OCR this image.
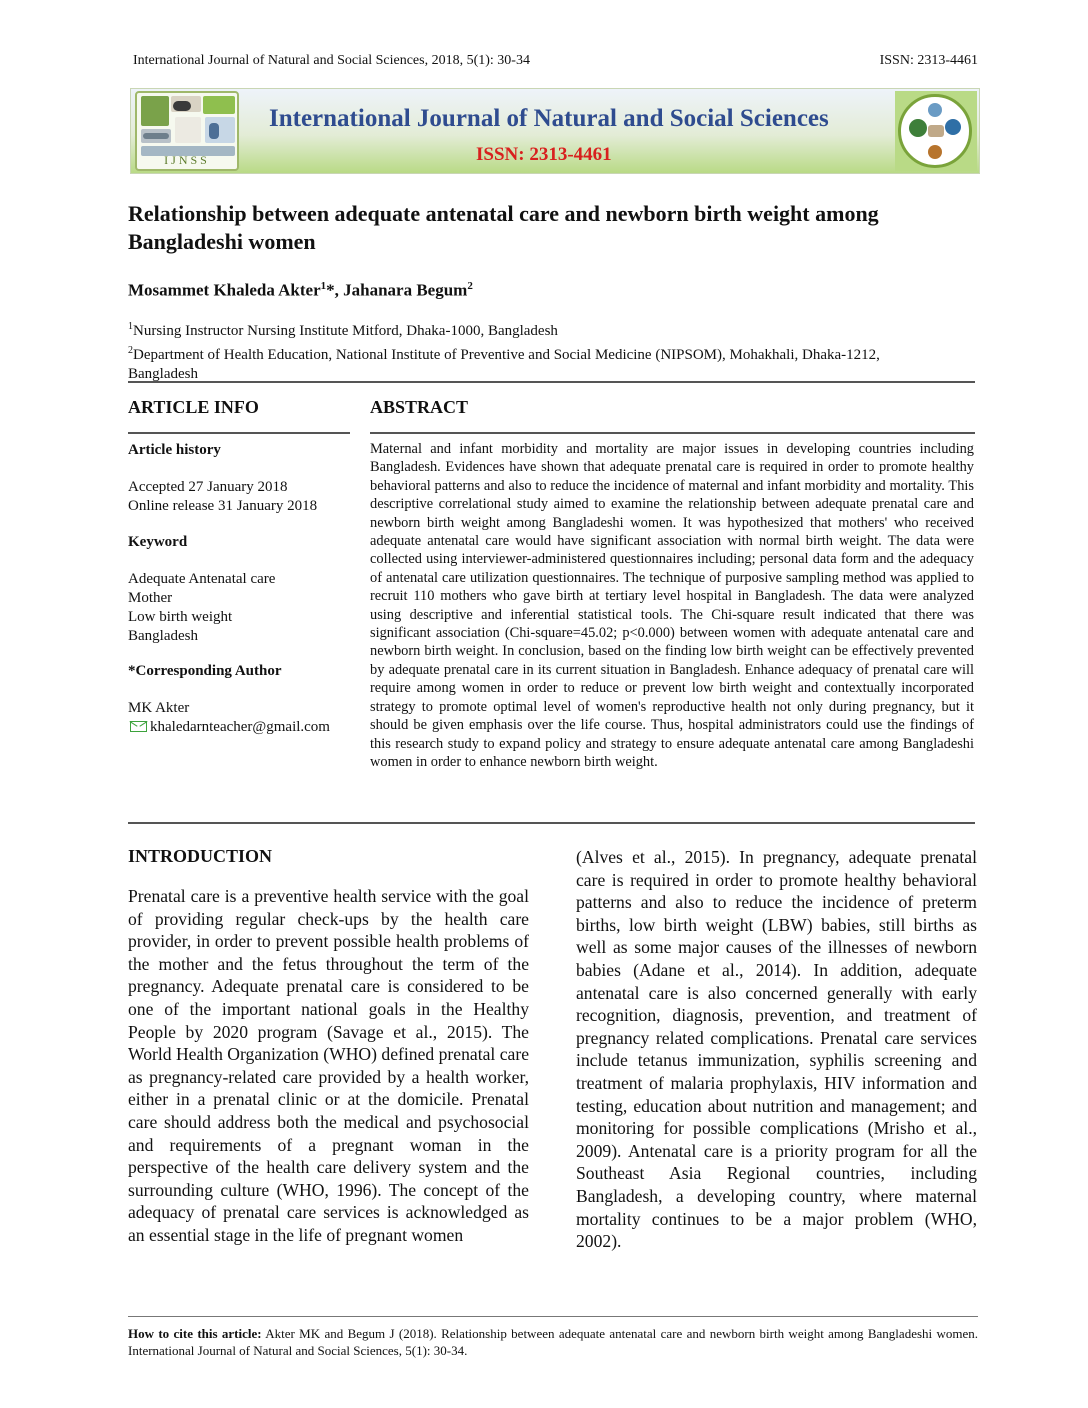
International Journal of Natural and Social Sciences, 2018, 5(1): 30-34	ISSN: 2313-4461
IJNSS
International Journal of Natural and Social Sciences
ISSN: 2313-4461
Relationship between adequate antenatal care and newborn birth weight among Bangladeshi women
Mosammet Khaleda Akter$^1$*, Jahanara Begum$^2$
$^1$Nursing Instructor Nursing Institute Mitford, Dhaka-1000, Bangladesh
$^2$Department of Health Education, National Institute of Preventive and Social Medicine (NIPSOM), Mohakhali, Dhaka-1212, Bangladesh
ARTICLE INFO
Article history
Accepted 27 January 2018
Online release 31 January 2018
Keyword
Adequate Antenatal care
Mother
Low birth weight
Bangladesh
*Corresponding Author
MK Akter
khaledarnteacher@gmail.com
ABSTRACT
Maternal and infant morbidity and mortality are major issues in developing countries including Bangladesh. Evidences have shown that adequate prenatal care is required in order to promote healthy behavioral patterns and also to reduce the incidence of maternal and infant morbidity and mortality. This descriptive correlational study aimed to examine the relationship between adequate prenatal care and newborn birth weight among Bangladeshi women. It was hypothesized that mothers' who received adequate antenatal care would have significant association with normal birth weight. The data were collected using interviewer-administered questionnaires including; personal data form and the adequacy of antenatal care utilization questionnaires. The technique of purposive sampling method was applied to recruit 110 mothers who gave birth at tertiary level hospital in Bangladesh. The data were analyzed using descriptive and inferential statistical tools. The Chi-square result indicated that there was significant association (Chi-square=45.02; p<0.000) between women with adequate antenatal care and newborn birth weight. In conclusion, based on the finding low birth weight can be effectively prevented by adequate prenatal care in its current situation in Bangladesh. Enhance adequacy of prenatal care will require among women in order to reduce or prevent low birth weight and contextually incorporated strategy to promote optimal level of women's reproductive health not only during pregnancy, but it should be given emphasis over the life course. Thus, hospital administrators could use the findings of this research study to expand policy and strategy to ensure adequate antenatal care among Bangladeshi women in order to enhance newborn birth weight.
INTRODUCTION
Prenatal care is a preventive health service with the goal of providing regular check-ups by the health care provider, in order to prevent possible health problems of the mother and the fetus throughout the term of the pregnancy. Adequate prenatal care is considered to be one of the important national goals in the Healthy People by 2020 program (Savage et al., 2015). The World Health Organization (WHO) defined prenatal care as pregnancy-related care provided by a health worker, either in a prenatal clinic or at the domicile. Prenatal care should address both the medical and psychosocial and requirements of a pregnant woman in the perspective of the health care delivery system and the surrounding culture (WHO, 1996). The concept of the adequacy of prenatal care services is acknowledged as an essential stage in the life of pregnant women
(Alves et al., 2015). In pregnancy, adequate prenatal care is required in order to promote healthy behavioral patterns and also to reduce the incidence of preterm births, low birth weight (LBW) babies, still births as well as some major causes of the illnesses of newborn babies (Adane et al., 2014). In addition, adequate antenatal care is also concerned generally with early recognition, diagnosis, prevention, and treatment of pregnancy related complications. Prenatal care services include tetanus immunization, syphilis screening and treatment of malaria prophylaxis, HIV information and testing, education about nutrition and management; and monitoring for possible complications (Mrisho et al., 2009). Antenatal care is a priority program for all the Southeast Asia Regional countries, including Bangladesh, a developing country, where maternal mortality continues to be a major problem (WHO, 2002).
How to cite this article: Akter MK and Begum J (2018). Relationship between adequate antenatal care and newborn birth weight among Bangladeshi women. International Journal of Natural and Social Sciences, 5(1): 30-34.
